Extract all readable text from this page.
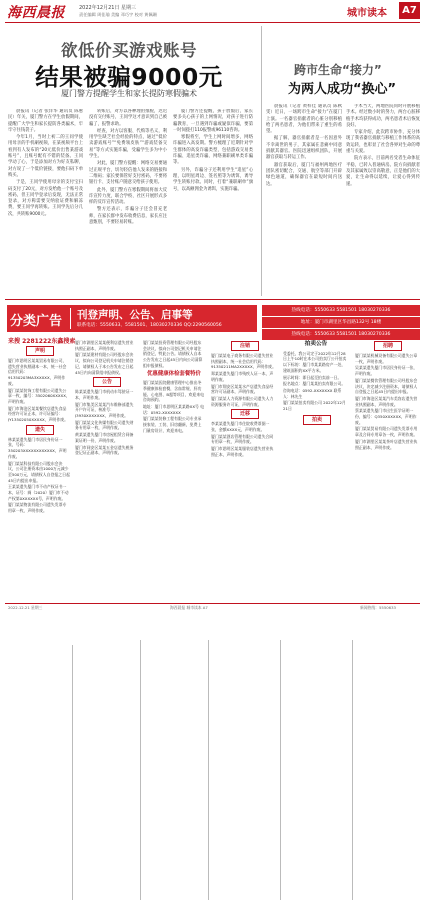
海西晨报	2022年12月21日 星期三
责任编辑 周佳瑜 美编 邓巧宇 校对 黄佩珊	城市读本	A7
欲低价买游戏账号
结果被骗9000元
厦门警方提醒学生和家长提防寒假骗术

晨报讯（记者 张洋华 通讯员 陈惠民）年关，厦门警方在学生放假期间，提醒广大学生和家长提防各类骗术，牢牢守住钱袋子。

今年1月，当时上初二的王同学使用母亲的手机刷视频，在某视频平台上看到有人发布的“20元低价出售某游戏账号”，且账号配有不错的装备。王同学动了心，于是添加对方为好友私聊，对方说了一个低价链接，要他扫码下单购买。

于是，王同学使用母亲的支付宝扫码支付了20元，对方发给他一个账号及密码，但王同学登录后发现，无法正常登录，对方称需要交纳验证费和解冻费，要王同学再转账。王同学先后分几次，共转账9000元。

转账后，对方以各种理由推脱，迟迟没有交付账号，王同学这才意识到自己被骗了，报警求助。

经查，对方以客服、代购等名义，利用学生缺乏社会经验的特点，通过“低价卖游戏账号”“免费领皮肤”“游戏装备交易”等方式实施诈骗，受骗学生多为中小学生。

对此，厦门警方提醒：网络交易要通过正规平台，切勿轻信他人发来的链接和二维码；家长要保管好支付密码，不要将银行卡、支付账户随意交给孩子使用。

此外，厦门警方在寒假期间将加大反诈宣传力度，联合学校、社区开展形式多样的反诈宣传活动。

警方还表示，诈骗分子还会冒充老师，在家长群中发布收费信息，家长应注意甄别，不要轻易转账。

厦门警方还提醒，孩子放假后，家长要多关心孩子的上网情况，对孩子进行防骗教育，一旦遇到诈骗或疑似诈骗，要第一时间拨打110报警或96110咨询。

寒假将至，学生上网时间增多，网络诈骗进入高发期。警方梳理了近期针对学生群体的高发诈骗类型，包括游戏交易类诈骗、追星类诈骗、网络兼职刷单类诈骗等。

另外，诈骗分子还利用学生“追星”心理，以明星周边、签名照等为诱饵，诱导学生转账付款。同时，打着“兼职刷单”旗号，以高额佣金为诱饵，实施诈骗。

跨市生命“接力”
为两人成功“换心”

晨报讯（记者 黄梓佳 通讯员 陈秋雯）近日，一场跨市生命“接力”在厦门上演。一名器官捐献者的心脏分别移植给了两名患者，为他们带来了重生的希望。

据了解，器官捐献者是一名因意外不幸离世的男子，其家属在悲痛中同意捐献其器官。医院迅速组织团队，开展器官获取与转运工作。

器官获取后，厦门与福州两地医疗团队密切配合，交通、航空等部门开辟绿色通道，确保器官在最短时间内送达。

手术当天，两地医院同时开展移植手术。经过数小时的努力，两台心脏移植手术均获得成功，两名患者术后恢复良好。

专家介绍，此次跨市协作，充分体现了我省器官捐献与移植工作体系的高效运转，也彰显了社会各界对生命的尊重与关爱。

院方表示，目前两名受者生命体征平稳，已转入普通病房。院方向捐献者及其家属致以崇高敬意，正是他们的大爱，让生命得以延续，让爱心得到传递。

分类广告 刊登声明、公告、启事等
联系电话：5550633、5581501、18030270336 QQ:2290560056
热线电话：5550633 5581501 18030270336
地址：厦门市湖里区华昌路132号 18楼
热线电话：5550633 5581501 18030270336
来搜 2281222东鑫搜索
声明

厦门市思明区某某贸易有限公司，遗失营业执照副本一本，统一社会信用代码：91350203MA3XXXXX，声明作废。

厦门某某装饰工程有限公司遗失公章一枚，编号：3502060XXXXX，声明作废。

厦门市海沧区某某餐饮店遗失食品经营许可证正本，许可证编号：JY13502050XXXXX，声明作废。

遗失

林某某遗失厦门市居民身份证一张，号码：350203XXXXXXXXXXXX，声明作废。

厦门某某科技有限公司股东会决议，公司注册资本由1000万元减少至500万元，请债权人自登报之日起45日内提出申报。

王某某遗失厦门市不动产权证书一本，证号：闽（2020）厦门市不动产权第0XXXXXX号，声明作废。

厦门某某物流有限公司遗失发票专用章一枚，声明作废。

厦门市湖里区某某便利店遗失营业执照正副本，声明作废。

厦门某某建材有限公司经股东会决议，拟向公司登记机关申请注销登记，请债权人于本公告发布之日起45日内向清算组申报债权。

公告

陈某某遗失厦门市机动车驾驶证一本，声明作废。

厦门市集美区某某汽车维修部遗失开户许可证，核准号：J3930XXXXXXX，声明作废。

厦门某某文化传媒有限公司遗失财务专用章一枚，声明作废。

黄某某遗失厦门市房屋租赁合同备案证明一份，声明作废。

厦门市同安区某某五金店遗失税务登记证正副本，声明作废。

厦门某某投资管理有限公司经股东会决议，拟向公司登记机关申请注销登记，特此公告。请债权人自本公告发布之日起45日内向公司清算组申报债权。

优惠健康体检套餐特价

厦门某某医院健康管理中心推出冬季健康体检套餐，含血常规、肝功能、心电图、B超等项目，欢迎来电咨询预约。

地址：厦门市思明区某某路XX号 电话：0592-XXXXXXX

厦门某某装修工程有限公司专业承接家装、工装、旧房翻新，免费上门量房设计，欢迎来电。

注销

厦门某某电子商务有限公司遗失营业执照副本，统一社会信用代码：91350211MA2XXXXX，声明作废。

郑某某遗失厦门市残疾人证一本，声明作废。

厦门市翔安区某某水产店遗失食品经营许可证副本，声明作废。

厦门某某人力资源有限公司遗失人力资源服务许可证，声明作废。

迁移

李某某遗失厦门市住院收费票据一张，金额XXXX元，声明作废。

厦门某某酒店管理有限公司遗失合同专用章一枚，声明作废。

厦门市思明区某某服装店遗失营业执照正本，声明作废。

拍卖公告

受委托，我公司定于2022年12月28日上午10时在本公司拍卖厅公开拍卖以下标的：厦门市某某路房产一处，建筑面积约XX平方米。

展示时间：即日起至拍卖前一日。

报名地点：厦门某某拍卖有限公司。

咨询电话：0592-XXXXXXX 联系人：林先生

厦门某某拍卖有限公司 2022年12月21日

拍卖
招聘

厦门某某机械设备有限公司遗失公章一枚，声明作废。

吴某某遗失厦门市居民身份证一张，声明作废。

厦门某某餐饮管理有限公司经股东会决议，决定减少注册资本，请债权人自登报之日起45日内提出申报。

厦门市海沧区某某汽车美容店遗失营业执照副本，声明作废。

蔡某某遗失厦门市出生医学证明一份，编号：Q350XXXXXX，声明作废。

厦门某某贸易有限公司遗失发票专用章及合同专用章各一枚，声明作废。

厦门市湖里区某某茶叶店遗失营业执照正副本，声明作废。

2022.12.21 星期三	海西晨报 城市读本 A7	新闻热线：5550633
